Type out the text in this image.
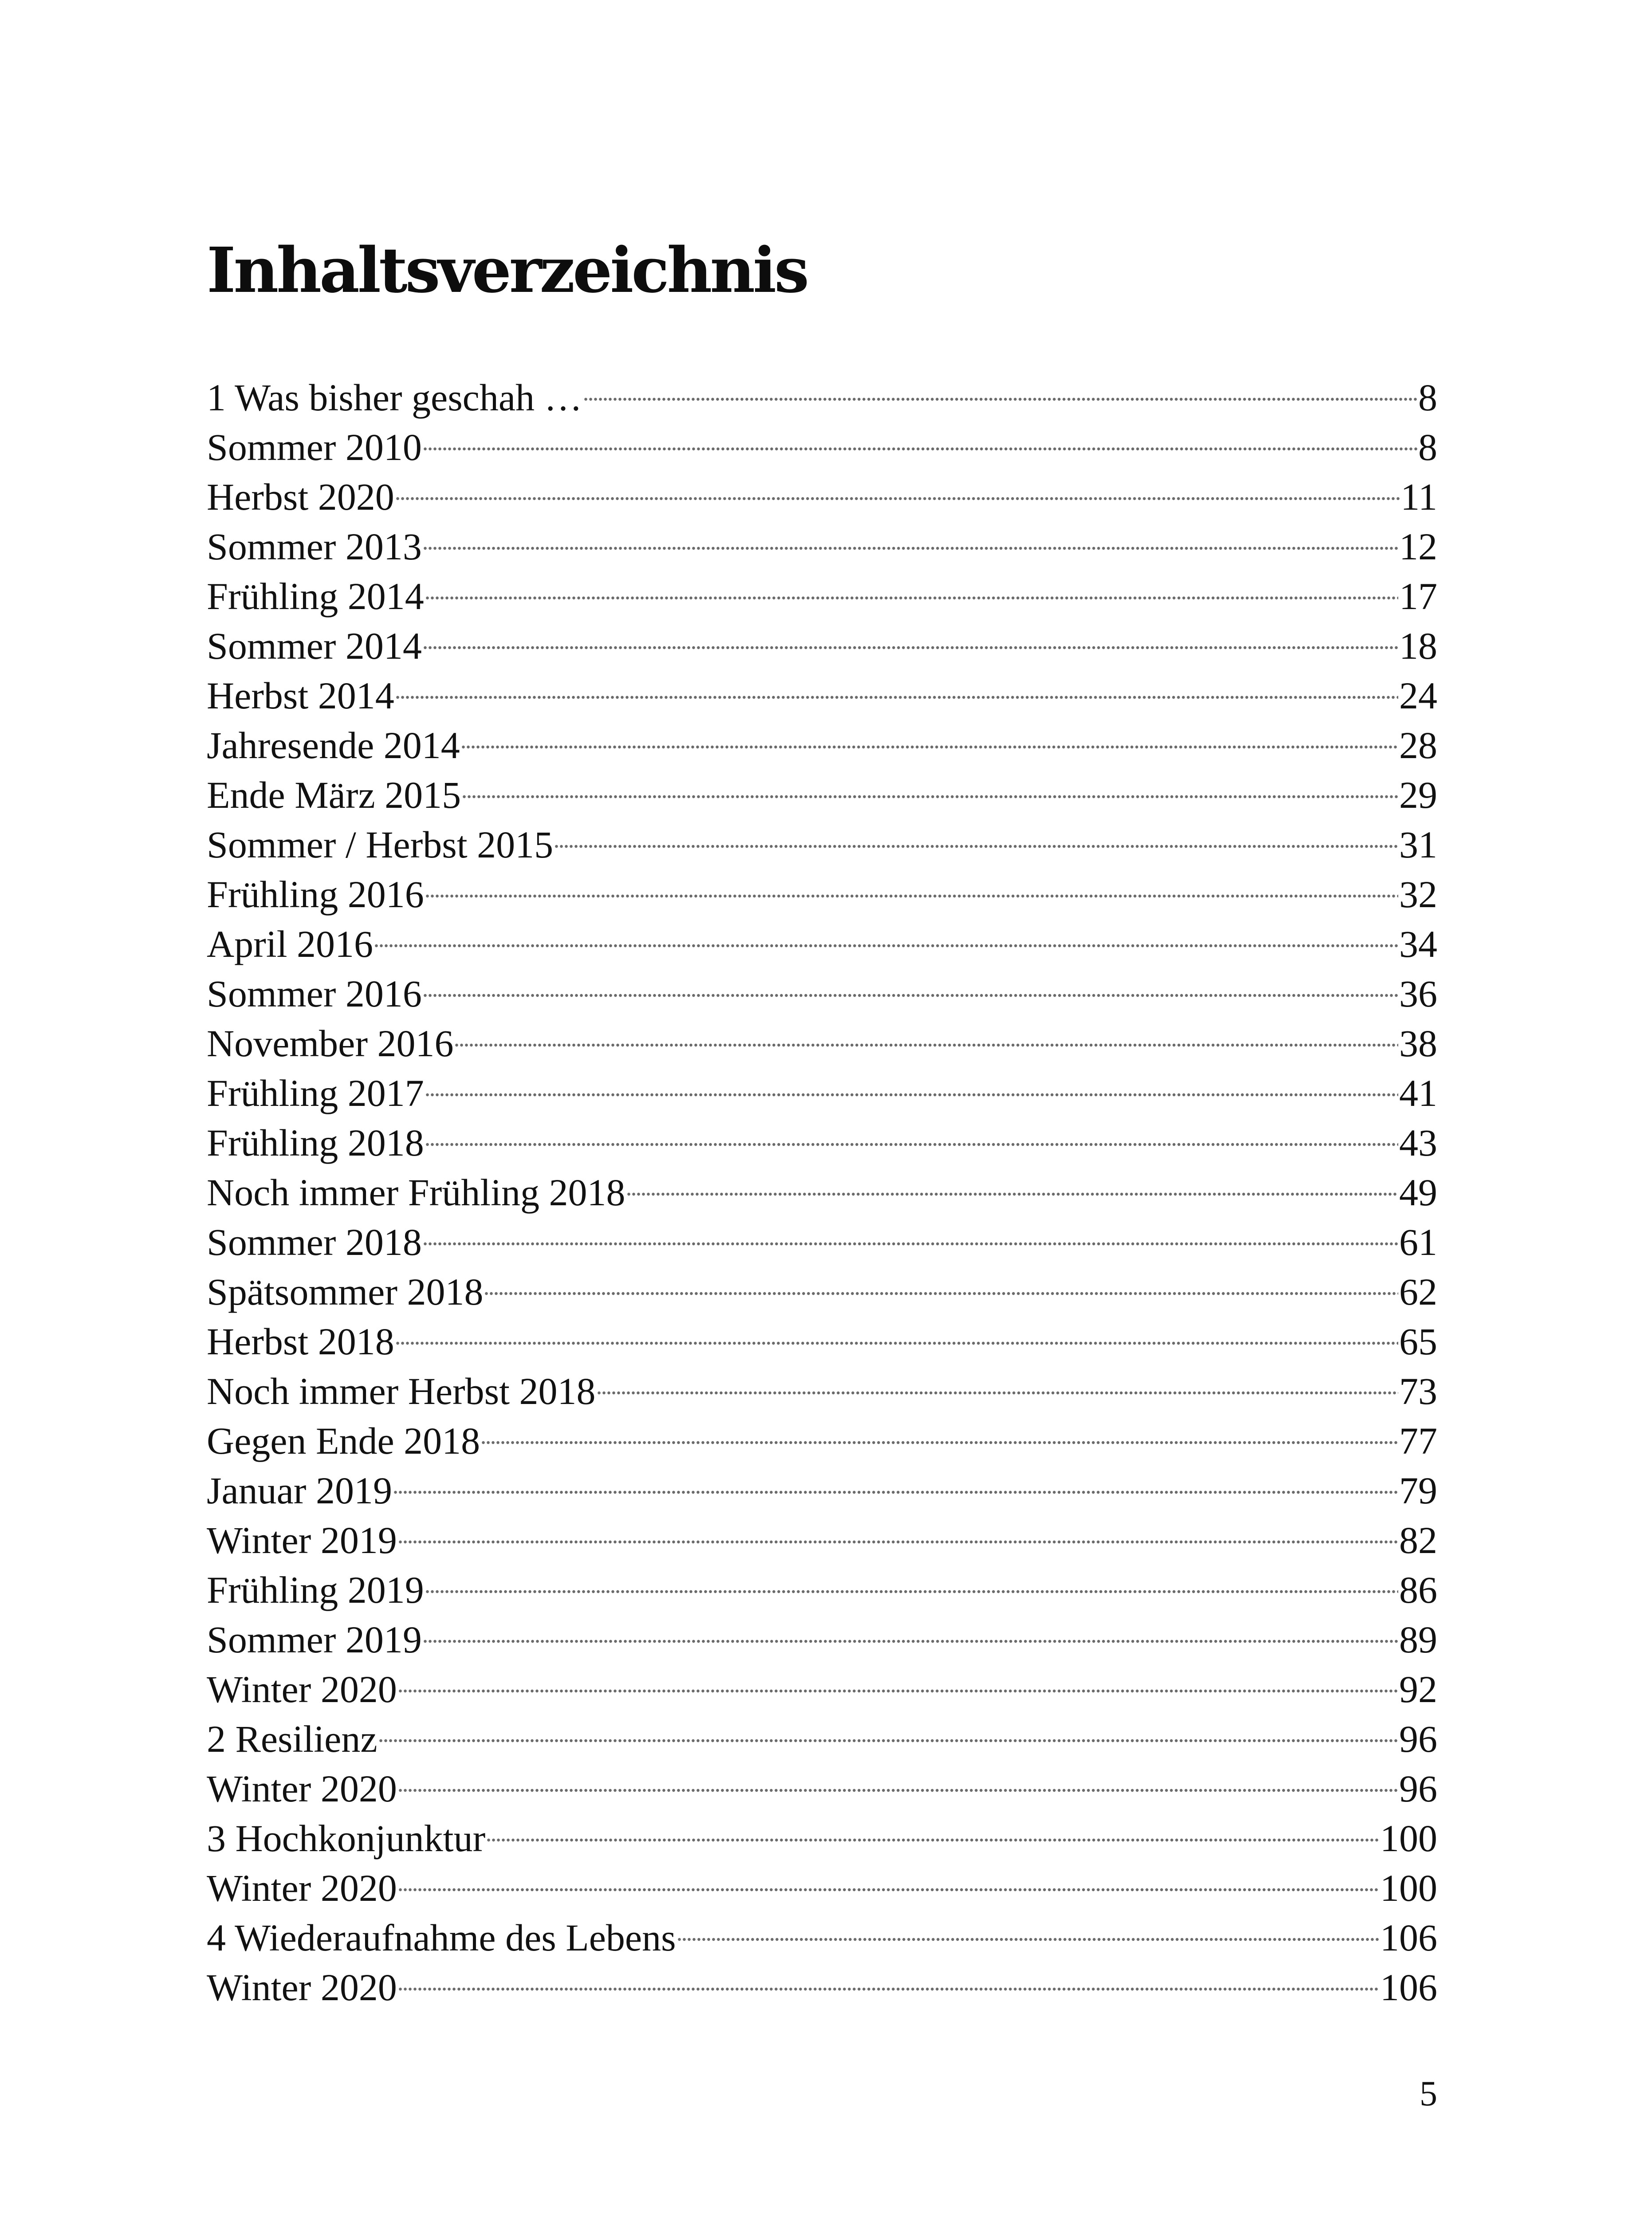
Inhaltsverzeichnis
1 Was bisher geschah …	8
Sommer 2010	8
Herbst 2020	11
Sommer 2013	12
Frühling 2014	17
Sommer 2014	18
Herbst 2014	24
Jahresende 2014	28
Ende März 2015	29
Sommer / Herbst 2015	31
Frühling 2016	32
April 2016	34
Sommer 2016	36
November 2016	38
Frühling 2017	41
Frühling 2018	43
Noch immer Frühling 2018	49
Sommer 2018	61
Spätsommer 2018	62
Herbst 2018	65
Noch immer Herbst 2018	73
Gegen Ende 2018	77
Januar 2019	79
Winter 2019	82
Frühling 2019	86
Sommer 2019	89
Winter 2020	92
2 Resilienz	96
Winter 2020	96
3 Hochkonjunktur	100
Winter 2020	100
4 Wiederaufnahme des Lebens	106
Winter 2020	106
5
